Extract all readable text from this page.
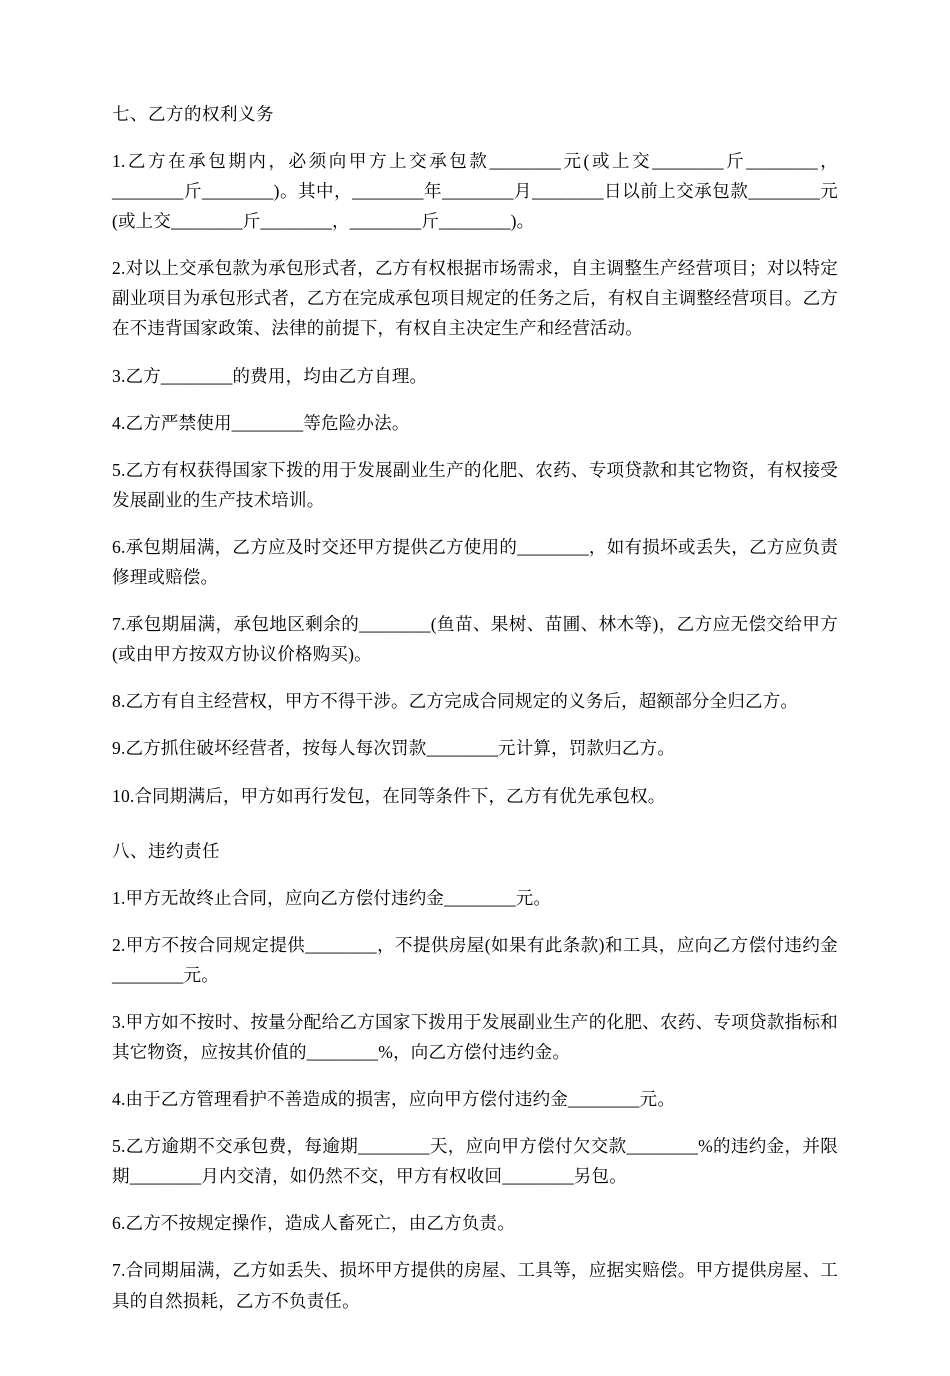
七、乙方的权利义务

1.乙方在承包期内，必须向甲方上交承包款________元(或上交________斤________，________斤________)。其中，________年________月________日以前上交承包款________元(或上交________斤________，________斤________)。

2.对以上交承包款为承包形式者，乙方有权根据市场需求，自主调整生产经营项目；对以特定副业项目为承包形式者，乙方在完成承包项目规定的任务之后，有权自主调整经营项目。乙方在不违背国家政策、法律的前提下，有权自主决定生产和经营活动。

3.乙方________的费用，均由乙方自理。

4.乙方严禁使用________等危险办法。

5.乙方有权获得国家下拨的用于发展副业生产的化肥、农药、专项贷款和其它物资，有权接受发展副业的生产技术培训。

6.承包期届满，乙方应及时交还甲方提供乙方使用的________，如有损坏或丢失，乙方应负责修理或赔偿。

7.承包期届满，承包地区剩余的________(鱼苗、果树、苗圃、林木等)，乙方应无偿交给甲方(或由甲方按双方协议价格购买)。

8.乙方有自主经营权，甲方不得干涉。乙方完成合同规定的义务后，超额部分全归乙方。

9.乙方抓住破坏经营者，按每人每次罚款________元计算，罚款归乙方。

10.合同期满后，甲方如再行发包，在同等条件下，乙方有优先承包权。

八、违约责任

1.甲方无故终止合同，应向乙方偿付违约金________元。

2.甲方不按合同规定提供________，不提供房屋(如果有此条款)和工具，应向乙方偿付违约金________元。

3.甲方如不按时、按量分配给乙方国家下拨用于发展副业生产的化肥、农药、专项贷款指标和其它物资，应按其价值的________%，向乙方偿付违约金。

4.由于乙方管理看护不善造成的损害，应向甲方偿付违约金________元。

5.乙方逾期不交承包费，每逾期________天，应向甲方偿付欠交款________%的违约金，并限期________月内交清，如仍然不交，甲方有权收回________另包。

6.乙方不按规定操作，造成人畜死亡，由乙方负责。

7.合同期届满，乙方如丢失、损坏甲方提供的房屋、工具等，应据实赔偿。甲方提供房屋、工具的自然损耗，乙方不负责任。
